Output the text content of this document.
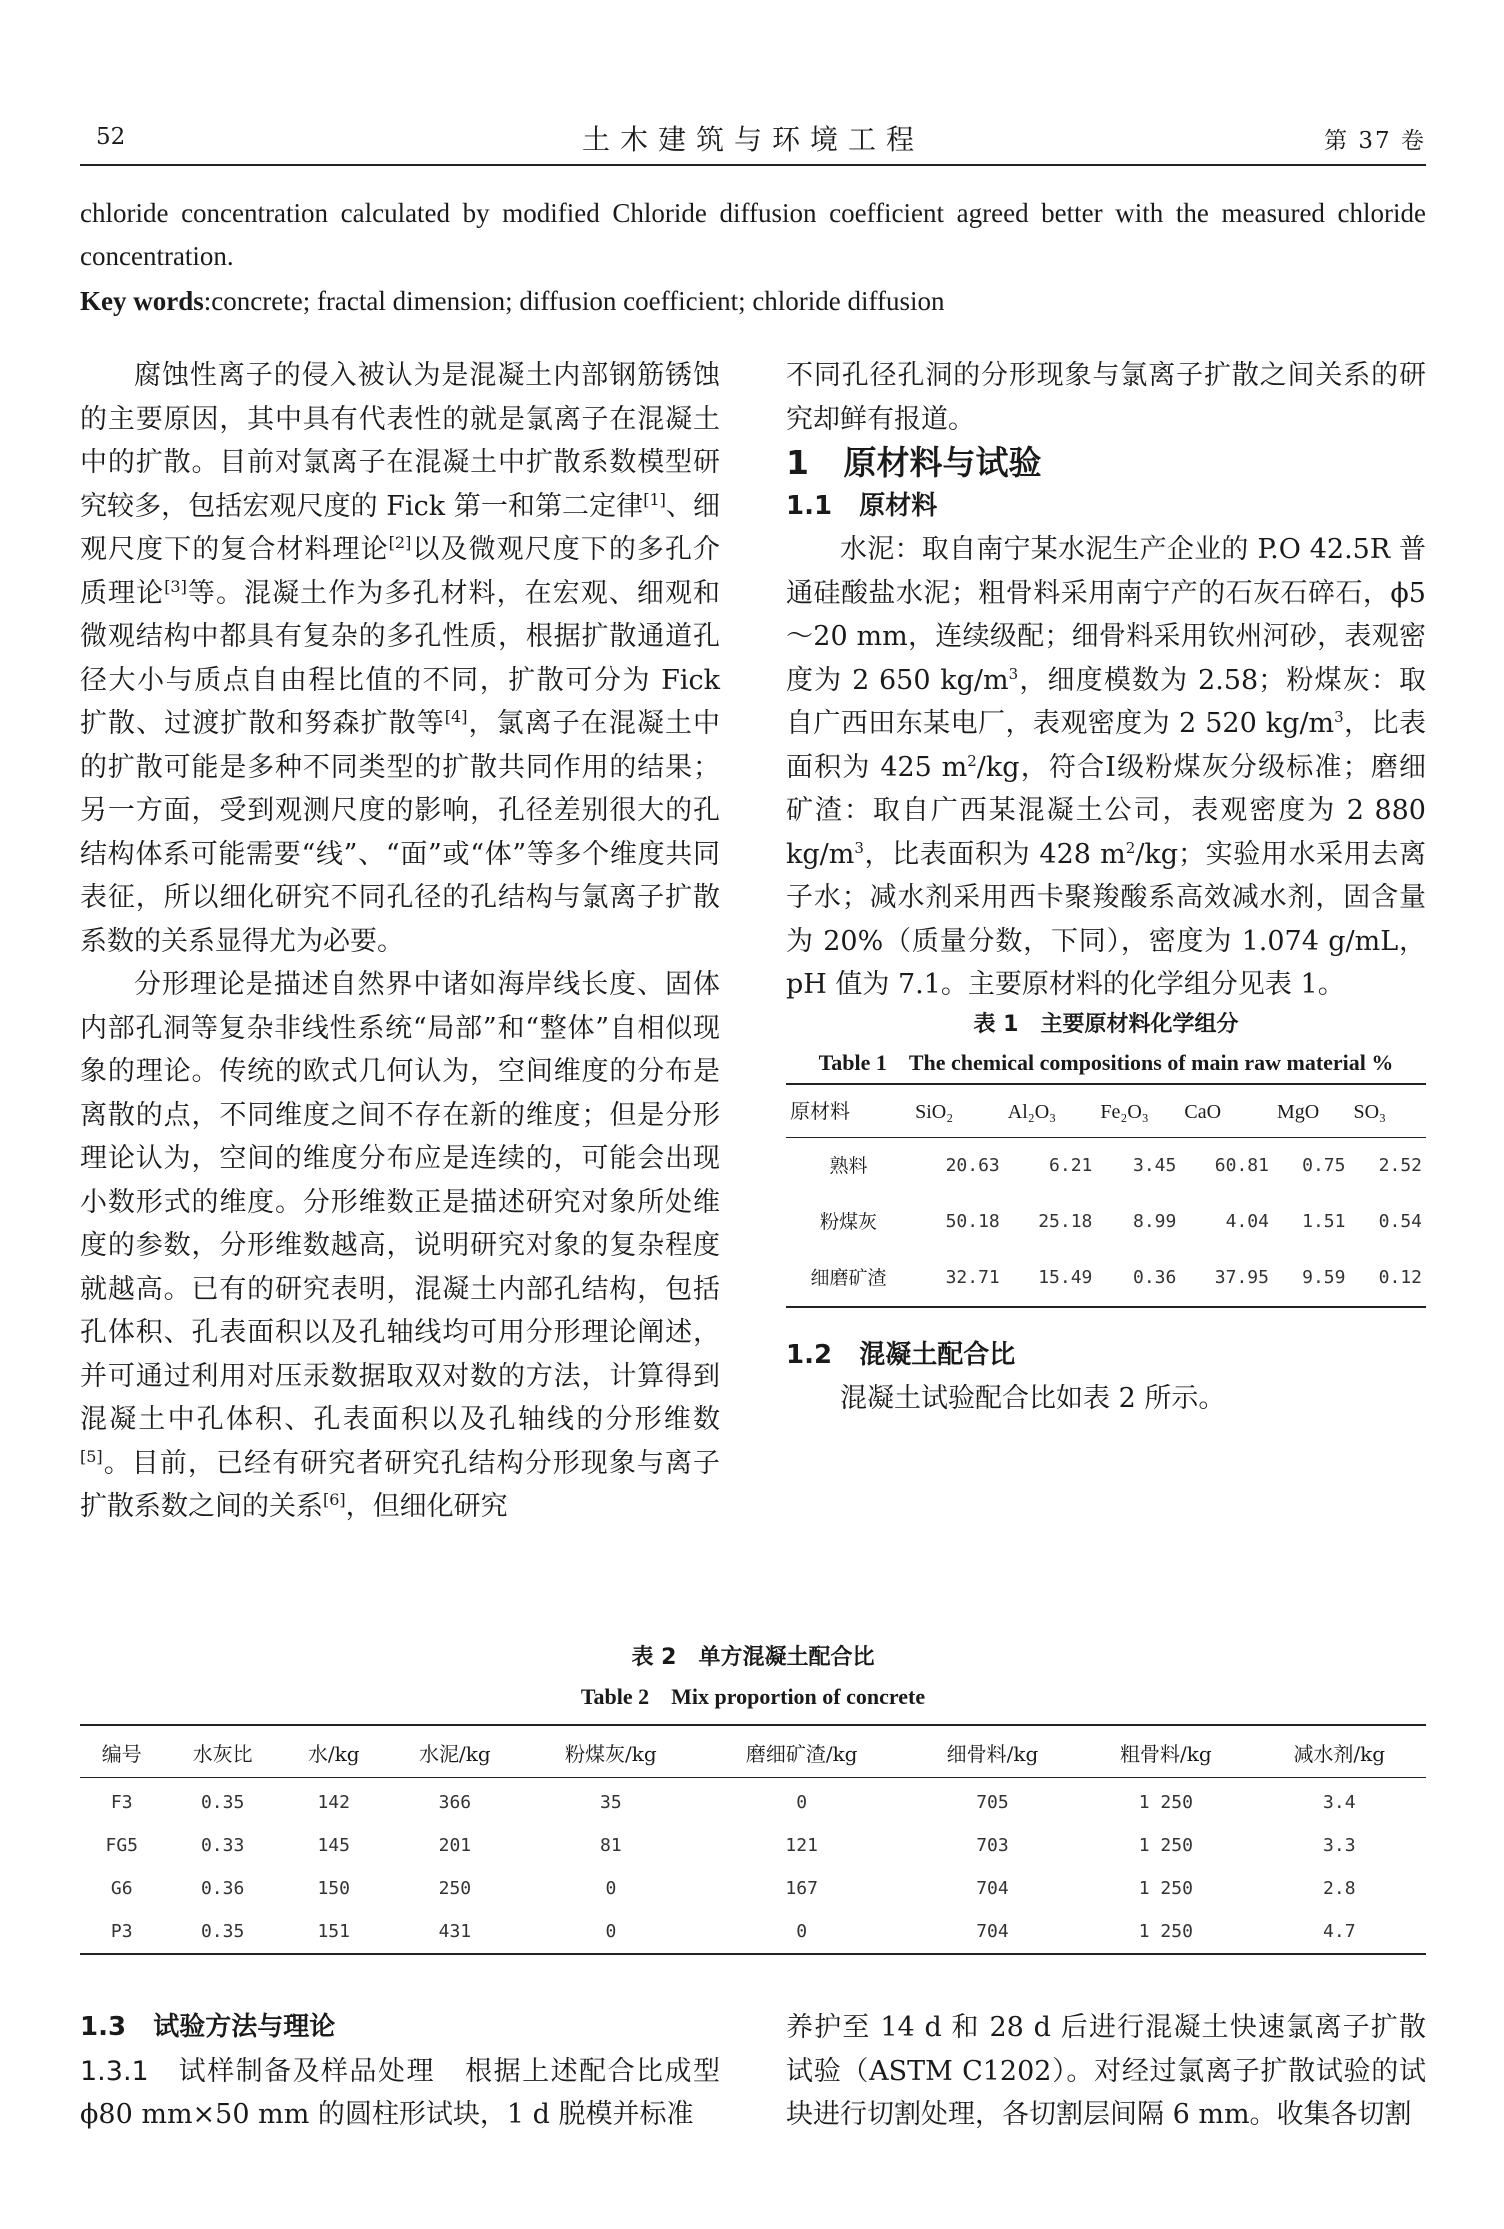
52	土木建筑与环境工程	第 37 卷

chloride concentration calculated by modified Chloride diffusion coefficient agreed better with the measured chloride concentration.

Key words:concrete; fractal dimension; diffusion coefficient; chloride diffusion

腐蚀性离子的侵入被认为是混凝土内部钢筋锈蚀的主要原因，其中具有代表性的就是氯离子在混凝土中的扩散。目前对氯离子在混凝土中扩散系数模型研究较多，包括宏观尺度的 Fick 第一和第二定律[1]、细观尺度下的复合材料理论[2]以及微观尺度下的多孔介质理论[3]等。混凝土作为多孔材料，在宏观、细观和微观结构中都具有复杂的多孔性质，根据扩散通道孔径大小与质点自由程比值的不同，扩散可分为 Fick 扩散、过渡扩散和努森扩散等[4]，氯离子在混凝土中的扩散可能是多种不同类型的扩散共同作用的结果；另一方面，受到观测尺度的影响，孔径差别很大的孔结构体系可能需要“线”、“面”或“体”等多个维度共同表征，所以细化研究不同孔径的孔结构与氯离子扩散系数的关系显得尤为必要。

分形理论是描述自然界中诸如海岸线长度、固体内部孔洞等复杂非线性系统“局部”和“整体”自相似现象的理论。传统的欧式几何认为，空间维度的分布是离散的点，不同维度之间不存在新的维度；但是分形理论认为，空间的维度分布应是连续的，可能会出现小数形式的维度。分形维数正是描述研究对象所处维度的参数，分形维数越高，说明研究对象的复杂程度就越高。已有的研究表明，混凝土内部孔结构，包括孔体积、孔表面积以及孔轴线均可用分形理论阐述，并可通过利用对压汞数据取双对数的方法，计算得到混凝土中孔体积、孔表面积以及孔轴线的分形维数[5]。目前，已经有研究者研究孔结构分形现象与离子扩散系数之间的关系[6]，但细化研究

不同孔径孔洞的分形现象与氯离子扩散之间关系的研究却鲜有报道。

1 原材料与试验

1.1 原材料

水泥：取自南宁某水泥生产企业的 P.O 42.5R 普通硅酸盐水泥；粗骨料采用南宁产的石灰石碎石，ϕ5～20 mm，连续级配；细骨料采用钦州河砂，表观密度为 2 650 $kg/m^3$，细度模数为 2.58；粉煤灰：取自广西田东某电厂，表观密度为 2 520 $kg/m^3$，比表面积为 425 $m^2/kg$，符合Ⅰ级粉煤灰分级标准；磨细矿渣：取自广西某混凝土公司，表观密度为 2 880 $kg/m^3$，比表面积为 428 $m^2/kg$；实验用水采用去离子水；减水剂采用西卡聚羧酸系高效减水剂，固含量为 20%（质量分数，下同），密度为 1.074 g/mL，pH 值为 7.1。主要原材料的化学组分见表 1。

表 1　主要原材料化学组分

Table 1　The chemical compositions of main raw material %

原材料	SiO₂	Al₂O₃	Fe₂O₃	CaO	MgO	SO₃
熟料	20.63	6.21	3.45	60.81	0.75	2.52
粉煤灰	50.18	25.18	8.99	4.04	1.51	0.54
细磨矿渣	32.71	15.49	0.36	37.95	9.59	0.12

1.2 混凝土配合比

混凝土试验配合比如表 2 所示。

表 2　单方混凝土配合比
Table 2　Mix proportion of concrete
编号	水灰比	水/kg	水泥/kg	粉煤灰/kg	磨细矿渣/kg	细骨料/kg	粗骨料/kg	减水剂/kg
F3	0.35	142	366	35	0	705	1 250	3.4
FG5	0.33	145	201	81	121	703	1 250	3.3
G6	0.36	150	250	0	167	704	1 250	2.8
P3	0.35	151	431	0	0	704	1 250	4.7

1.3 试验方法与理论

1.3.1　试样制备及样品处理 根据上述配合比成型 ϕ80 mm×50 mm 的圆柱形试块，1 d 脱模并标准

养护至 14 d 和 28 d 后进行混凝土快速氯离子扩散试验（ASTM C1202）。对经过氯离子扩散试验的试块进行切割处理，各切割层间隔 6 mm。收集各切割
